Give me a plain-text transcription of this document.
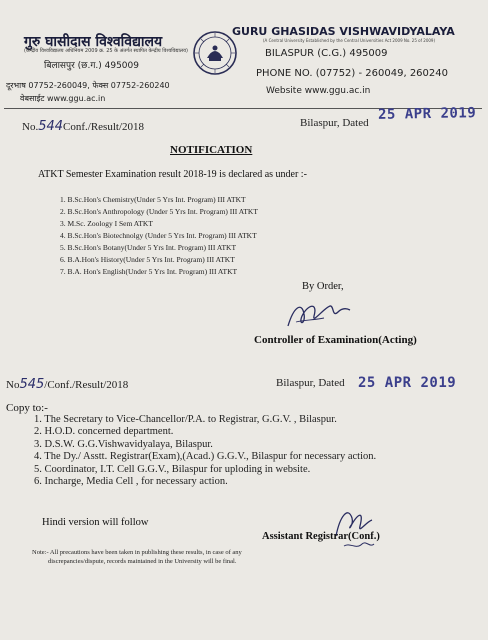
गुरु घासीदास विश्वविद्यालय
(केन्द्रीय विश्वविद्यालय अधिनियम 2009 क्र. 25 के अंतर्गत स्थापित केन्द्रीय विश्वविद्यालय)
बिलासपुर (छ.ग.) 495009
दूरभाष 07752-260049, फेक्स 07752-260240
वेबसाईट www.ggu.ac.in
GURU GHASIDAS VISHWAVIDYALAYA
(A Central University Established by the Central Universities Act 2009 No. 25 of 2009)
BILASPUR (C.G.) 495009
PHONE NO. (07752) - 260049, 260240
Website www.ggu.ac.in
No.544Conf./Result/2018	Bilaspur, Dated
25 APR 2019
NOTIFICATION
ATKT Semester Examination result 2018-19 is declared as under :-
1. B.Sc.Hon's Chemistry(Under 5 Yrs Int. Program) III ATKT
2. B.Sc.Hon's Anthropology (Under 5 Yrs Int. Program) III ATKT
3. M.Sc. Zoology I Sem ATKT
4. B.Sc.Hon's Biotechnolgy (Under 5 Yrs Int. Program) III ATKT
5. B.Sc.Hon's Botany(Under 5 Yrs Int. Program) III ATKT
6. B.A.Hon's History(Under 5 Yrs Int. Program) III ATKT
7. B.A. Hon's English(Under 5 Yrs Int. Program) III ATKT
By Order,
Controller of Examination(Acting)
No545/Conf./Result/2018	Bilaspur, Dated 25 APR 2019
Copy to:-
1. The Secretary to Vice-Chancellor/P.A. to Registrar, G.G.V. , Bilaspur.
2. H.O.D. concerned department.
3. D.S.W. G.G.Vishwavidyalaya, Bilaspur.
4. The Dy./ Asstt. Registrar(Exam),(Acad.) G.G.V., Bilaspur for necessary action.
5. Coordinator, I.T. Cell G.G.V., Bilaspur for uploding in website.
6. Incharge, Media Cell , for necessary action.
Hindi version will follow
Assistant Registrar(Conf.)
Note:- All precautions have been taken in publishing these results, in case of any
discrepancies/dispute, records maintained in the University will be final.
